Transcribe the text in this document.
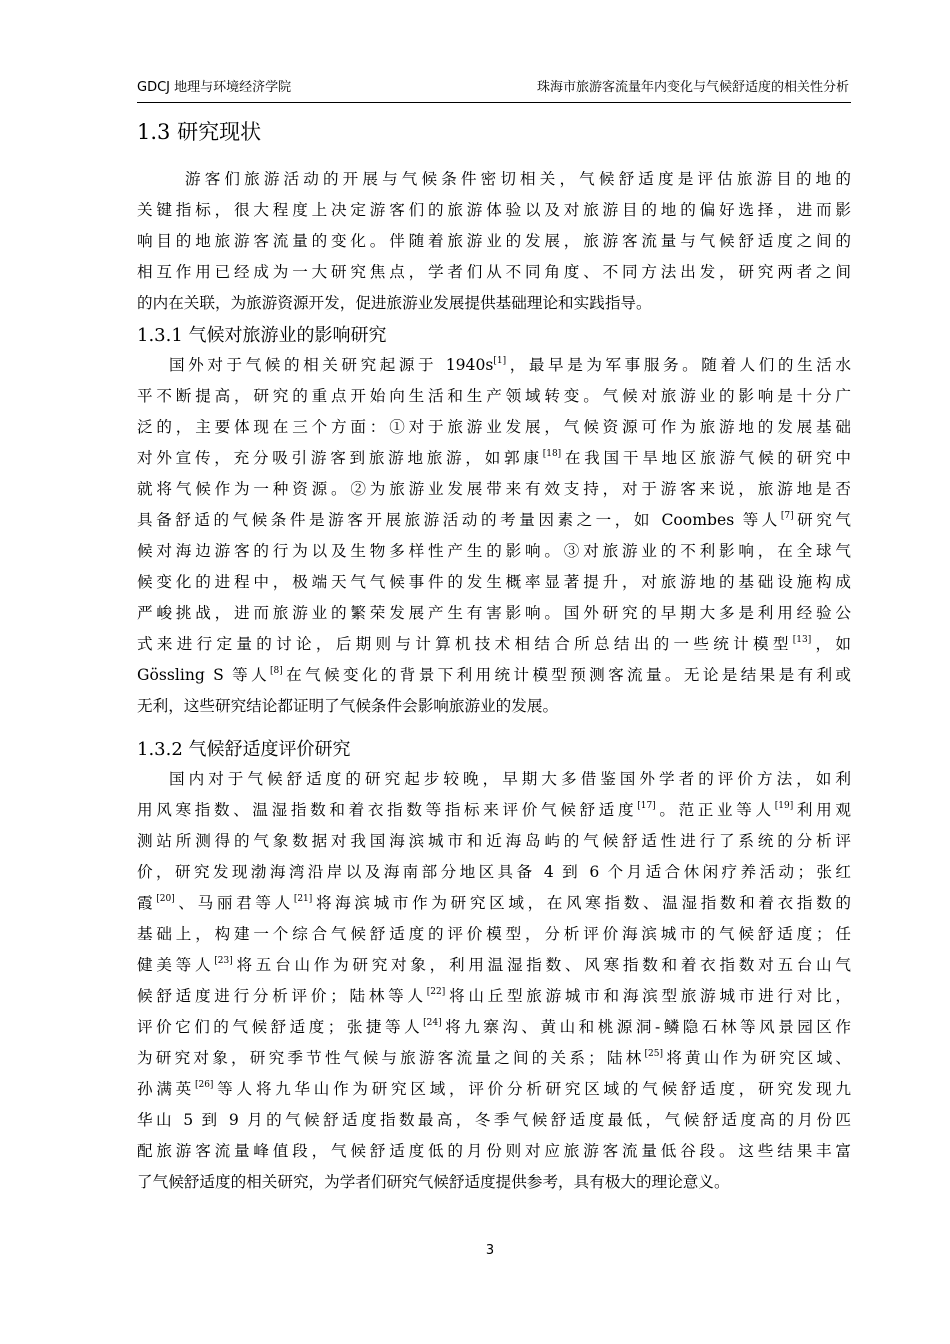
GDCJ 地理与环境经济学院	珠海市旅游客流量年内变化与气候舒适度的相关性分析
1.3 研究现状
游客们旅游活动的开展与气候条件密切相关，气候舒适度是评估旅游目的地的
关键指标，很大程度上决定游客们的旅游体验以及对旅游目的地的偏好选择，进而影
响目的地旅游客流量的变化。伴随着旅游业的发展，旅游客流量与气候舒适度之间的
相互作用已经成为一大研究焦点，学者们从不同角度、不同方法出发，研究两者之间
的内在关联，为旅游资源开发，促进旅游业发展提供基础理论和实践指导。
1.3.1 气候对旅游业的影响研究
国外对于气候的相关研究起源于 1940s[1]，最早是为军事服务。随着人们的生活水
平不断提高，研究的重点开始向生活和生产领域转变。气候对旅游业的影响是十分广
泛的，主要体现在三个方面：①对于旅游业发展，气候资源可作为旅游地的发展基础
对外宣传，充分吸引游客到旅游地旅游，如郭康[18]在我国干旱地区旅游气候的研究中
就将气候作为一种资源。②为旅游业发展带来有效支持，对于游客来说，旅游地是否
具备舒适的气候条件是游客开展旅游活动的考量因素之一，如 Coombes 等人[7]研究气
候对海边游客的行为以及生物多样性产生的影响。③对旅游业的不利影响，在全球气
候变化的进程中，极端天气气候事件的发生概率显著提升，对旅游地的基础设施构成
严峻挑战，进而旅游业的繁荣发展产生有害影响。国外研究的早期大多是利用经验公
式来进行定量的讨论，后期则与计算机技术相结合所总结出的一些统计模型[13]，如
Gössling S 等人[8]在气候变化的背景下利用统计模型预测客流量。无论是结果是有利或
无利，这些研究结论都证明了气候条件会影响旅游业的发展。
1.3.2 气候舒适度评价研究
国内对于气候舒适度的研究起步较晚，早期大多借鉴国外学者的评价方法，如利
用风寒指数、温湿指数和着衣指数等指标来评价气候舒适度[17]。范正业等人[19]利用观
测站所测得的气象数据对我国海滨城市和近海岛屿的气候舒适性进行了系统的分析评
价，研究发现渤海湾沿岸以及海南部分地区具备 4 到 6 个月适合休闲疗养活动；张红
霞[20]、马丽君等人[21]将海滨城市作为研究区域，在风寒指数、温湿指数和着衣指数的
基础上，构建一个综合气候舒适度的评价模型，分析评价海滨城市的气候舒适度；任
健美等人[23]将五台山作为研究对象，利用温湿指数、风寒指数和着衣指数对五台山气
候舒适度进行分析评价；陆林等人[22]将山丘型旅游城市和海滨型旅游城市进行对比，
评价它们的气候舒适度；张捷等人[24]将九寨沟、黄山和桃源洞-鳞隐石林等风景园区作
为研究对象，研究季节性气候与旅游客流量之间的关系；陆林[25]将黄山作为研究区域、
孙满英[26]等人将九华山作为研究区域，评价分析研究区域的气候舒适度，研究发现九
华山 5 到 9 月的气候舒适度指数最高，冬季气候舒适度最低，气候舒适度高的月份匹
配旅游客流量峰值段，气候舒适度低的月份则对应旅游客流量低谷段。这些结果丰富
了气候舒适度的相关研究，为学者们研究气候舒适度提供参考，具有极大的理论意义。
3
